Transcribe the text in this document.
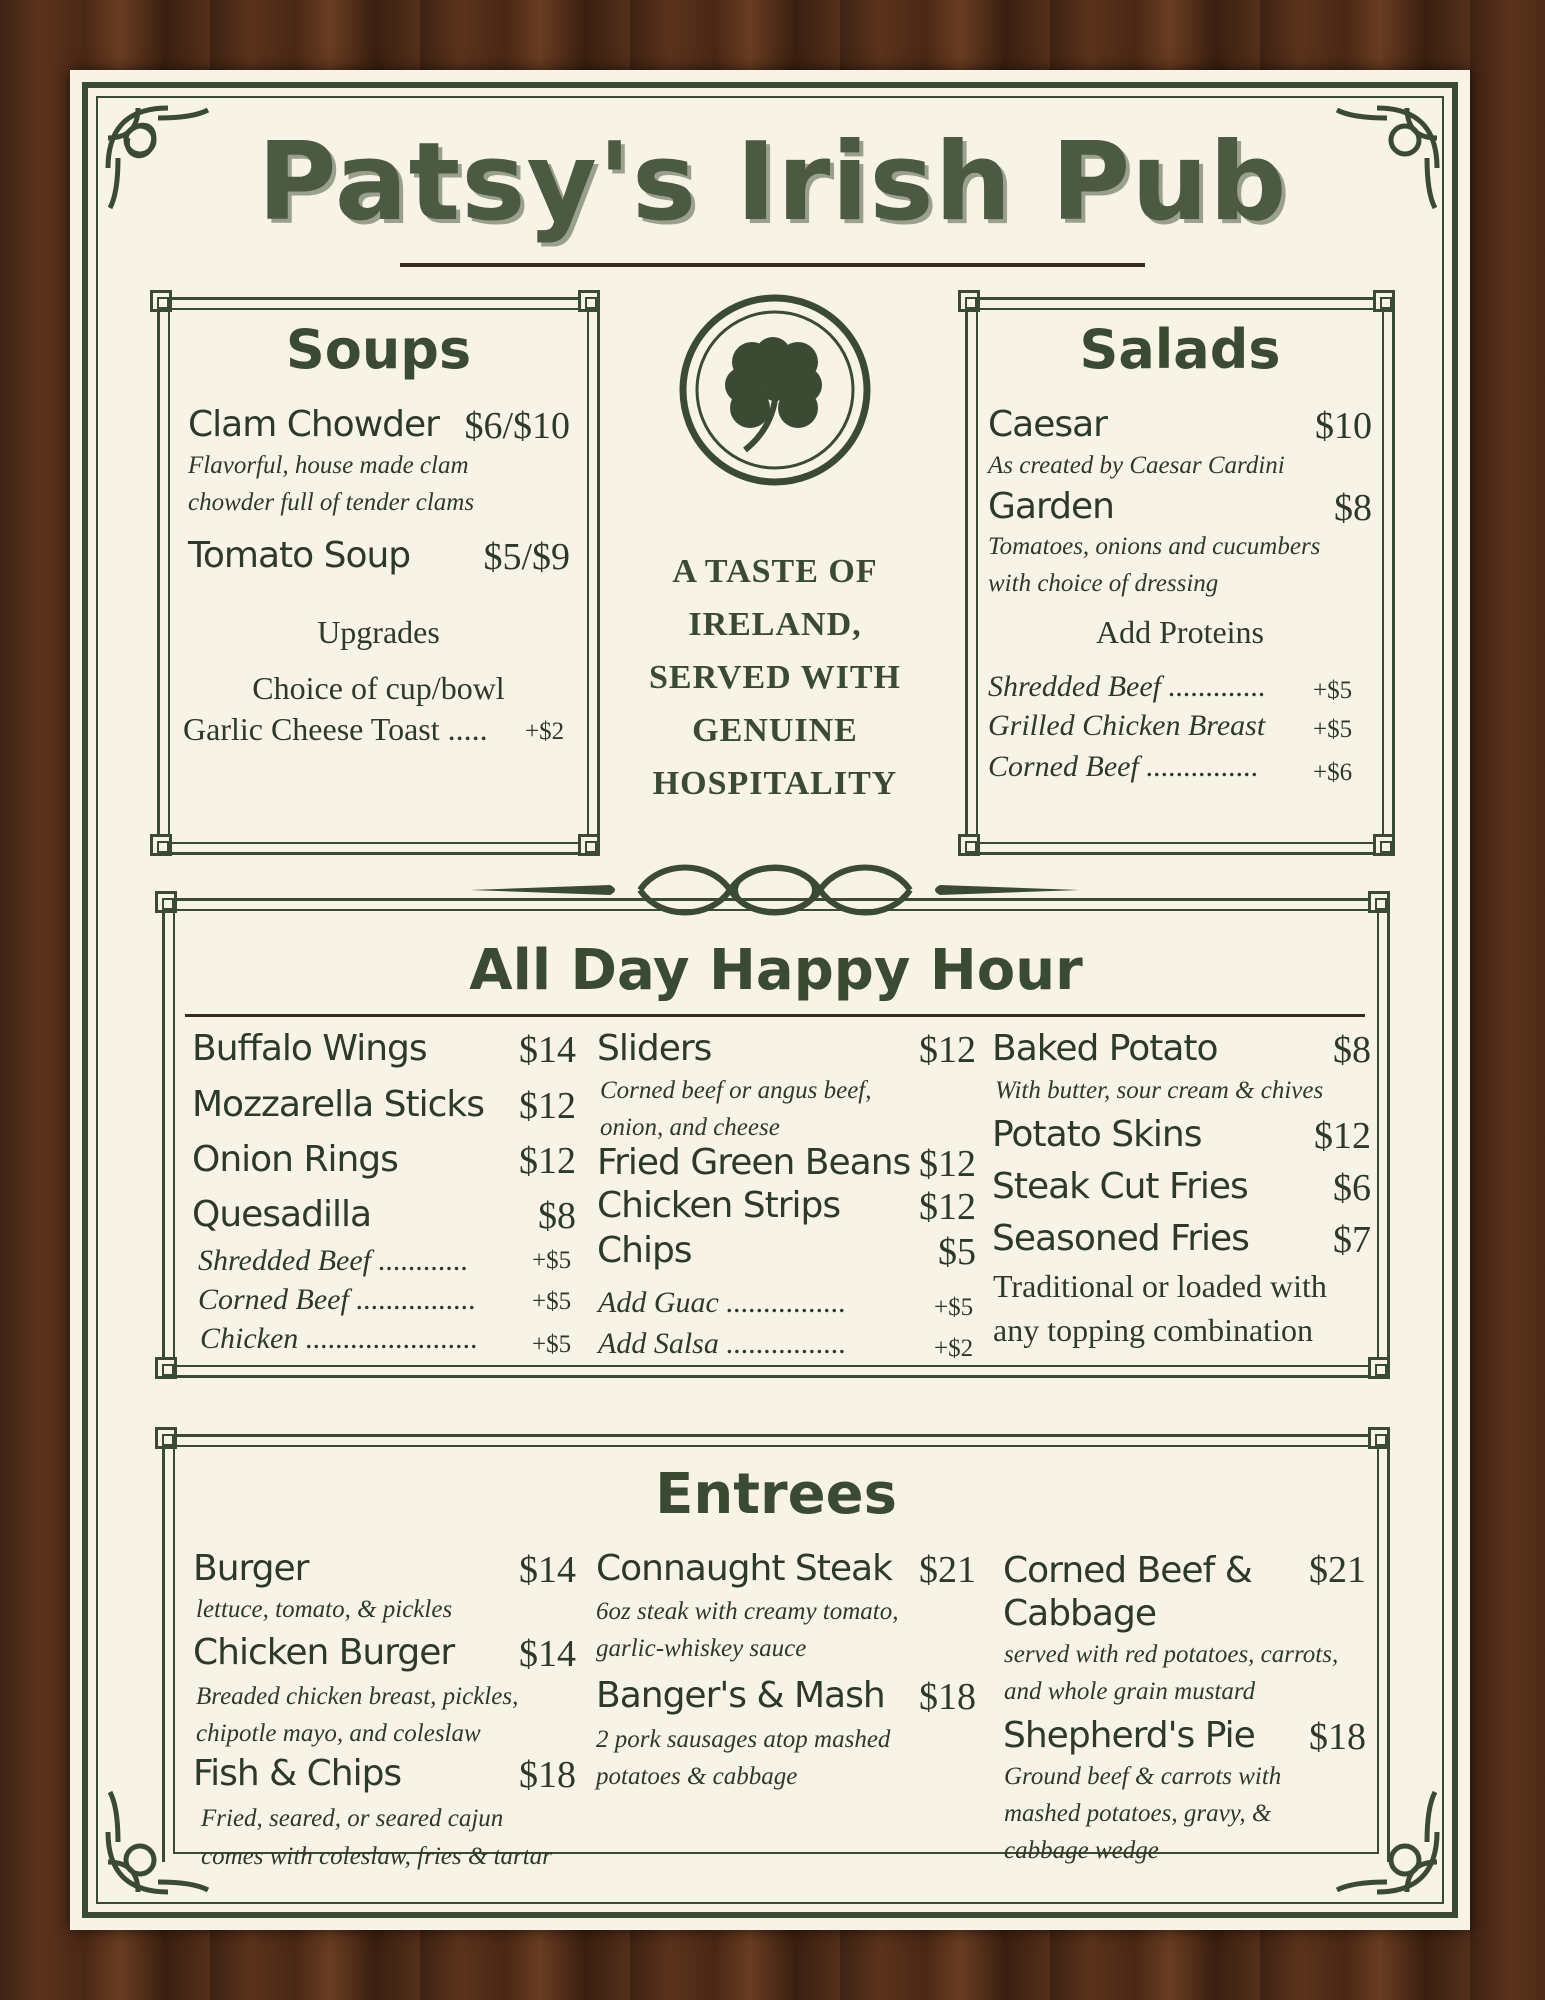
Patsy's Irish Pub
Soups
Clam Chowder $6/$10
Flavorful, house made clam
chowder full of tender clams
Tomato Soup	$5/$9
Upgrades
Choice of cup/bowl
Garlic Cheese Toast ..... +$2
A TASTE OF
IRELAND,
SERVED WITH
GENUINE
HOSPITALITY
Salads
Caesar	$10
As created by Caesar Cardini
Garden	$8
Tomatoes, onions and cucumbers
with choice of dressing
Add Proteins
Shredded Beef ............. +$5
Grilled Chicken Breast +$5
Corned Beef ............... +$6
All Day Happy Hour
Buffalo Wings	$14
Mozzarella Sticks $12
Onion Rings	$12
Quesadilla	$8
Shredded Beef ............	+$5
Corned Beef ................ +$5
Chicken ....................... +$5
Sliders	$12
Corned beef or angus beef,
onion, and cheese
Fried Green Beans $12
Chicken Strips	$12
Chips	$5
Add Guac ................	+$5
Add Salsa ................	+$2
Baked Potato	$8
With butter, sour cream & chives
Potato Skins	$12
Steak Cut Fries	$6
Seasoned Fries	$7
Traditional or loaded with
any topping combination
Entrees
Burger	$14
lettuce, tomato, & pickles
Chicken Burger	$14
Breaded chicken breast, pickles,
chipotle mayo, and coleslaw
Fish & Chips	$18
Fried, seared, or seared cajun
comes with coleslaw, fries & tartar
Connaught Steak $21
6oz steak with creamy tomato,
garlic-whiskey sauce
Banger's & Mash $18
2 pork sausages atop mashed
potatoes & cabbage
Corned Beef &
Cabbage
$21
served with red potatoes, carrots,
and whole grain mustard
Shepherd's Pie	$18
Ground beef & carrots with
mashed potatoes, gravy, &
cabbage wedge
